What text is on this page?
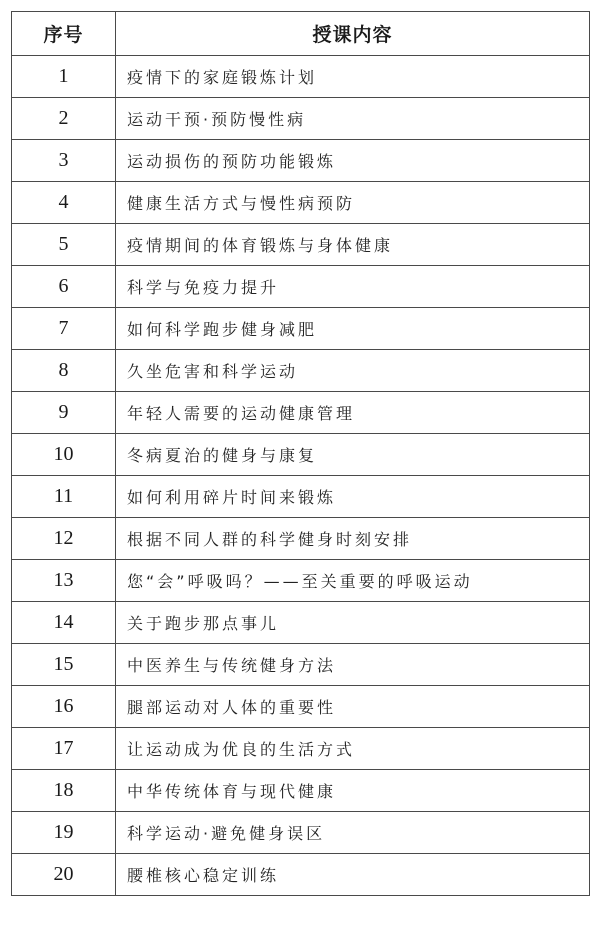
序号	授课内容
1	疫情下的家庭锻炼计划
2	运动干预·预防慢性病
3	运动损伤的预防功能锻炼
4	健康生活方式与慢性病预防
5	疫情期间的体育锻炼与身体健康
6	科学与免疫力提升
7	如何科学跑步健身减肥
8	久坐危害和科学运动
9	年轻人需要的运动健康管理
10	冬病夏治的健身与康复
11	如何利用碎片时间来锻炼
12	根据不同人群的科学健身时刻安排
13	您“会”呼吸吗？——至关重要的呼吸运动
14	关于跑步那点事儿
15	中医养生与传统健身方法
16	腿部运动对人体的重要性
17	让运动成为优良的生活方式
18	中华传统体育与现代健康
19	科学运动·避免健身误区
20	腰椎核心稳定训练
